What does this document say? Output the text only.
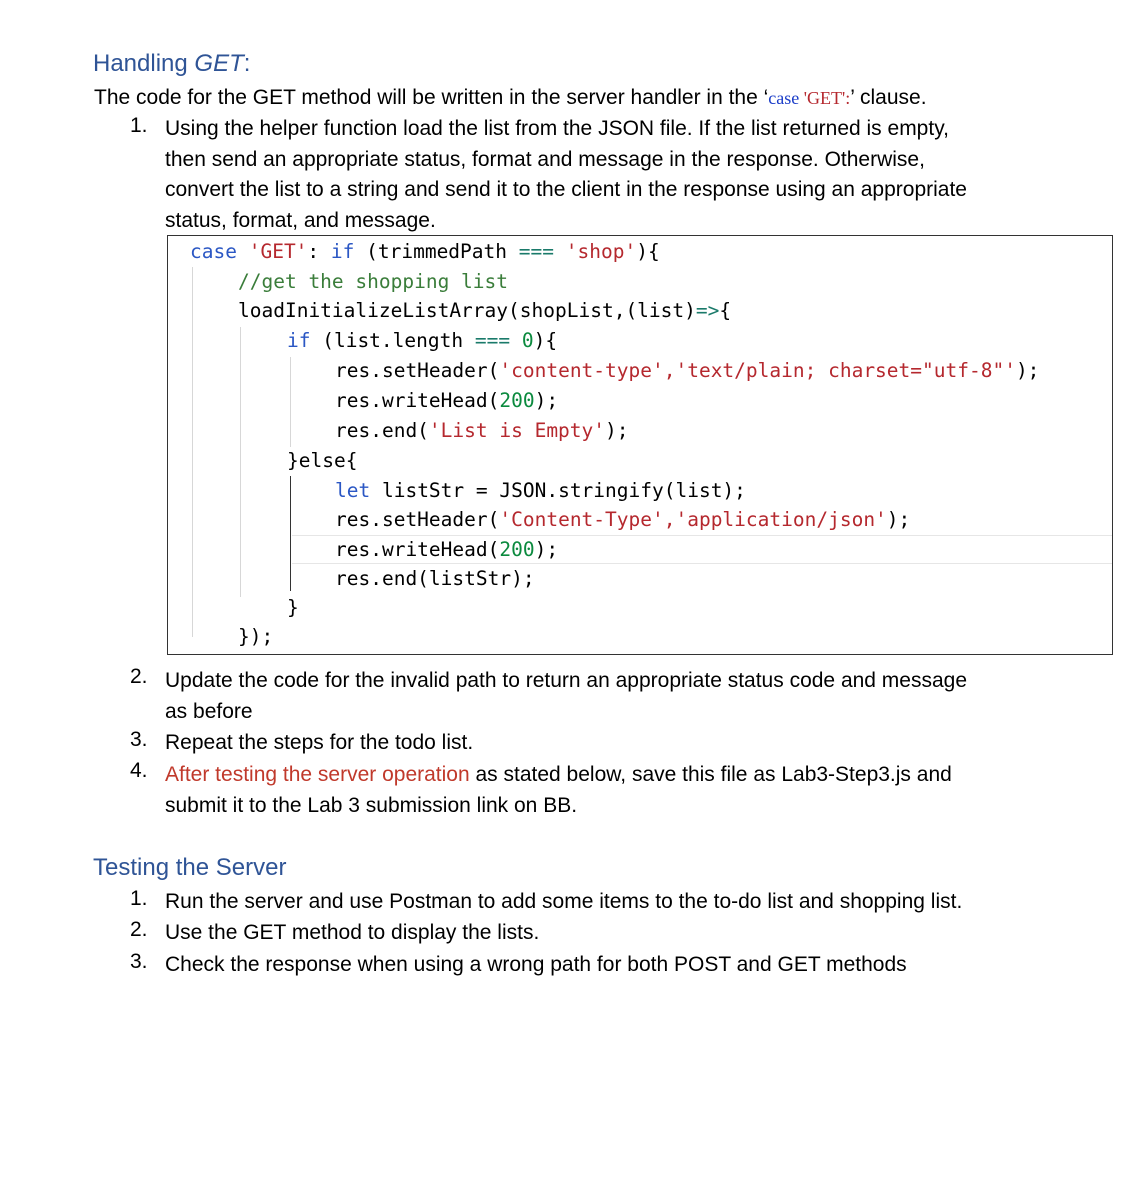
Handling GET:
The code for the GET method will be written in the server handler in the ‘case 'GET':’ clause.
1. Using the helper function load the list from the JSON file. If the list returned is empty,
then send an appropriate status, format and message in the response. Otherwise,
convert the list to a string and send it to the client in the response using an appropriate
status, format, and message.
case 'GET': if (trimmedPath === 'shop'){
//get the shopping list
loadInitializeListArray(shopList,(list)=>{
if (list.length === 0){
res.setHeader('content-type','text/plain; charset="utf-8"');
res.writeHead(200);
res.end('List is Empty');
}else{
let listStr = JSON.stringify(list);
res.setHeader('Content-Type','application/json');
res.writeHead(200);
res.end(listStr);
}
});
2. Update the code for the invalid path to return an appropriate status code and message
as before
3. Repeat the steps for the todo list.
4. After testing the server operation as stated below, save this file as Lab3-Step3.js and
submit it to the Lab 3 submission link on BB.
Testing the Server
1. Run the server and use Postman to add some items to the to-do list and shopping list.
2. Use the GET method to display the lists.
3. Check the response when using a wrong path for both POST and GET methods
